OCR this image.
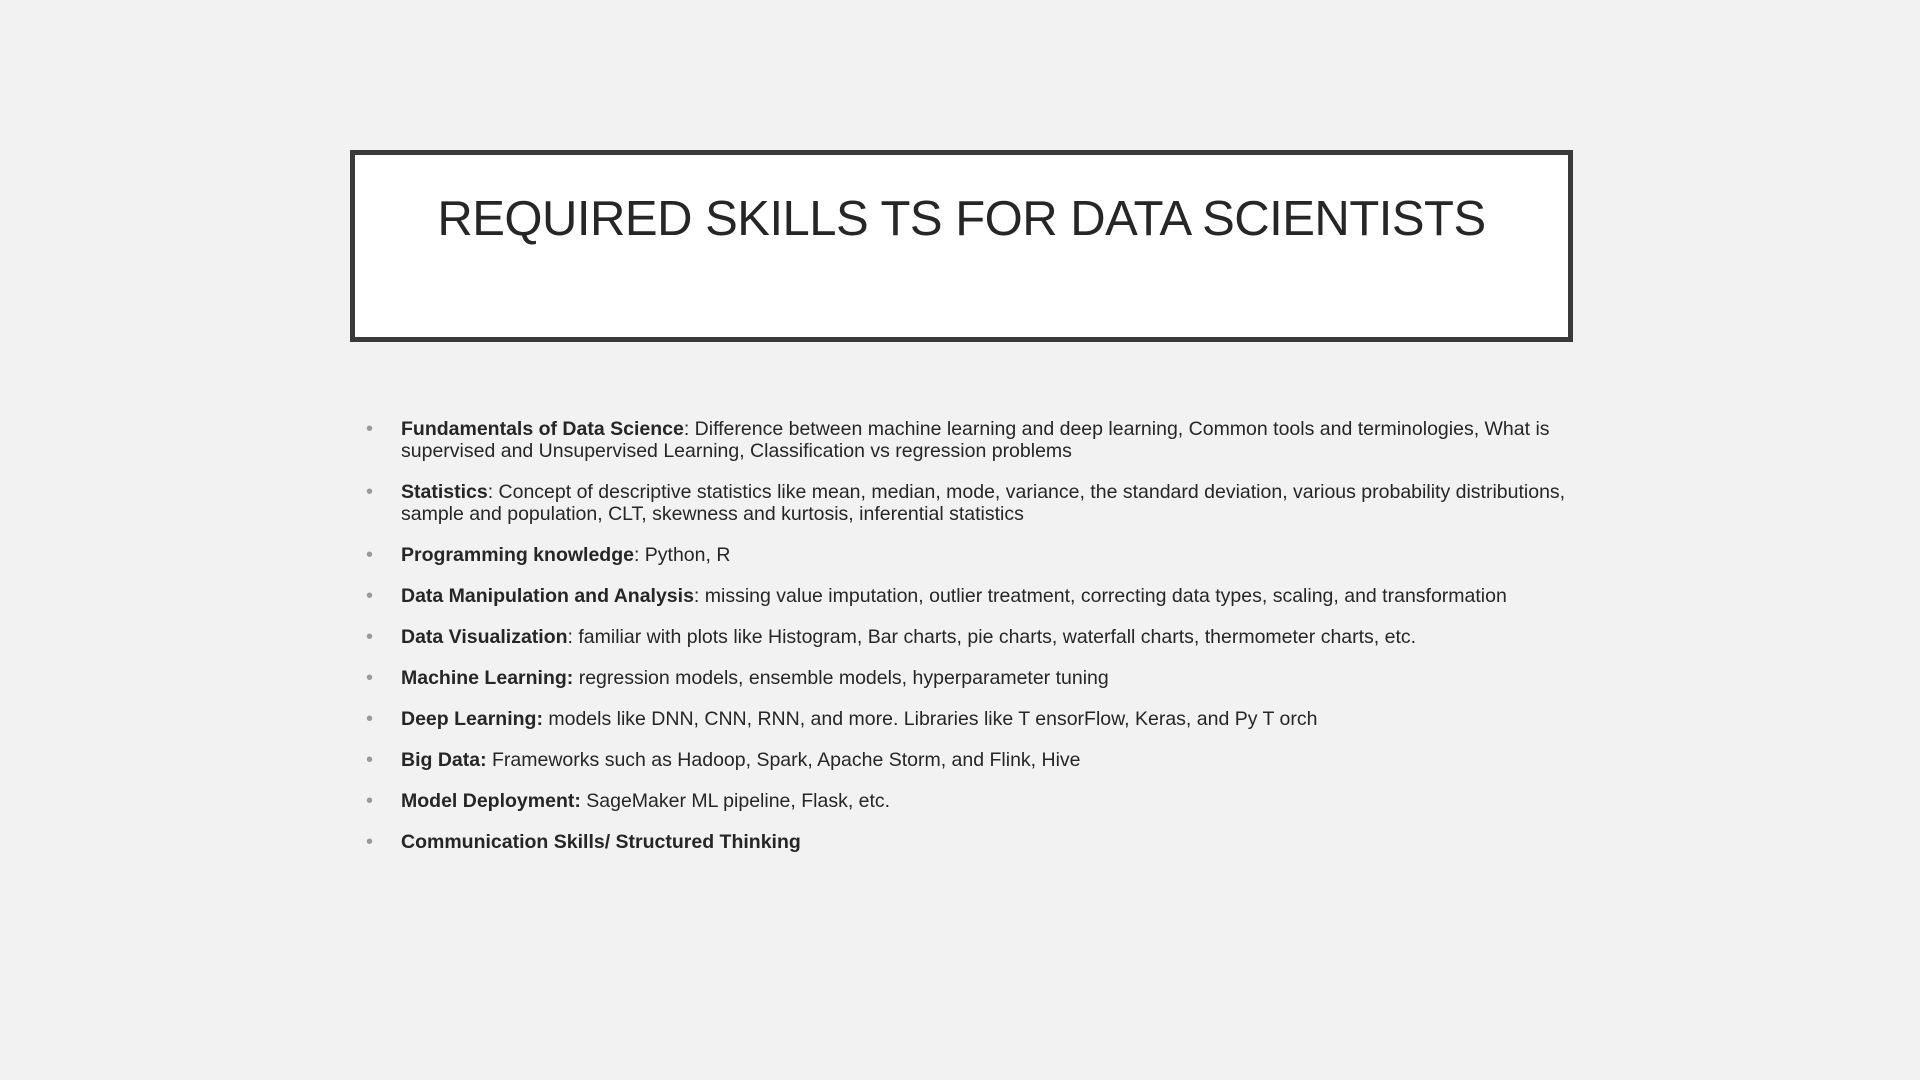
REQUIRED SKILLS TS FOR DATA SCIENTISTS
• Fundamentals of Data Science: Difference between machine learning and deep learning, Common tools and terminologies, What is supervised and Unsupervised Learning, Classification vs regression problems
• Statistics: Concept of descriptive statistics like mean, median, mode, variance, the standard deviation, various probability distributions, sample and population, CLT, skewness and kurtosis, inferential statistics
• Programming knowledge: Python, R
• Data Manipulation and Analysis: missing value imputation, outlier treatment, correcting data types, scaling, and transformation
• Data Visualization: familiar with plots like Histogram, Bar charts, pie charts, waterfall charts, thermometer charts, etc.
• Machine Learning: regression models, ensemble models, hyperparameter tuning
• Deep Learning: models like DNN, CNN, RNN, and more. Libraries like T ensorFlow, Keras, and Py T orch
• Big Data: Frameworks such as Hadoop, Spark, Apache Storm, and Flink, Hive
• Model Deployment: SageMaker ML pipeline, Flask, etc.
• Communication Skills/ Structured Thinking
